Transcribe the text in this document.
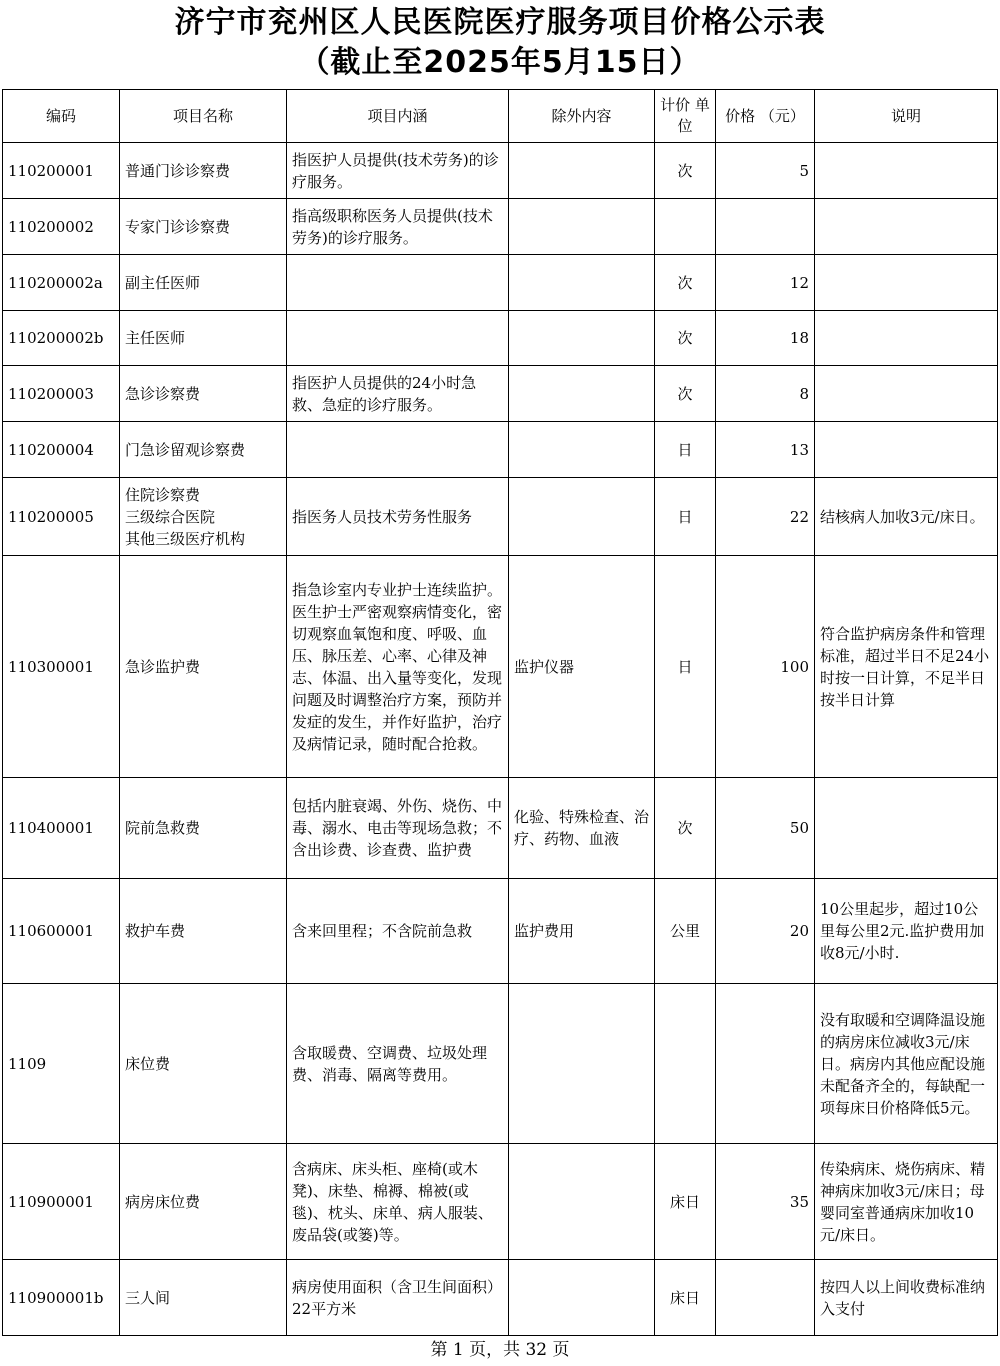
济宁市兖州区人民医院医疗服务项目价格公示表
（截止至2025年5月15日）
编码	项目名称	项目内涵	除外内容	计价 单位	价格 （元）	说明
110200001	普通门诊诊察费	指医护人员提供(技术劳务)的诊疗服务。		次	5	
110200002	专家门诊诊察费	指高级职称医务人员提供(技术劳务)的诊疗服务。				
110200002a	副主任医师			次	12	
110200002b	主任医师			次	18	
110200003	急诊诊察费	指医护人员提供的24小时急救、急症的诊疗服务。		次	8	
110200004	门急诊留观诊察费			日	13	
110200005	住院诊察费
三级综合医院
其他三级医疗机构	指医务人员技术劳务性服务		日	22	结核病人加收3元/床日。
110300001	急诊监护费	指急诊室内专业护士连续监护。医生护士严密观察病情变化，密切观察血氧饱和度、呼吸、血压、脉压差、心率、心律及神志、体温、出入量等变化，发现问题及时调整治疗方案，预防并发症的发生，并作好监护，治疗及病情记录，随时配合抢救。	监护仪器	日	100	符合监护病房条件和管理标准，超过半日不足24小时按一日计算，不足半日按半日计算
110400001	院前急救费	包括内脏衰竭、外伤、烧伤、中毒、溺水、电击等现场急救；不含出诊费、诊查费、监护费	化验、特殊检查、治疗、药物、血液	次	50	
110600001	救护车费	含来回里程；不含院前急救	监护费用	公里	20	10公里起步，超过10公里每公里2元.监护费用加收8元/小时.
1109	床位费	含取暖费、空调费、垃圾处理费、消毒、隔离等费用。				没有取暖和空调降温设施的病房床位减收3元/床日。病房内其他应配设施未配备齐全的，每缺配一项每床日价格降低5元。
110900001	病房床位费	含病床、床头柜、座椅(或木凳)、床垫、棉褥、棉被(或毯)、枕头、床单、病人服装、废品袋(或篓)等。		床日	35	传染病床、烧伤病床、精神病床加收3元/床日；母婴同室普通病床加收10元/床日。
110900001b	三人间	病房使用面积（含卫生间面积）22平方米		床日		按四人以上间收费标准纳入支付
第 1 页，共 32 页
